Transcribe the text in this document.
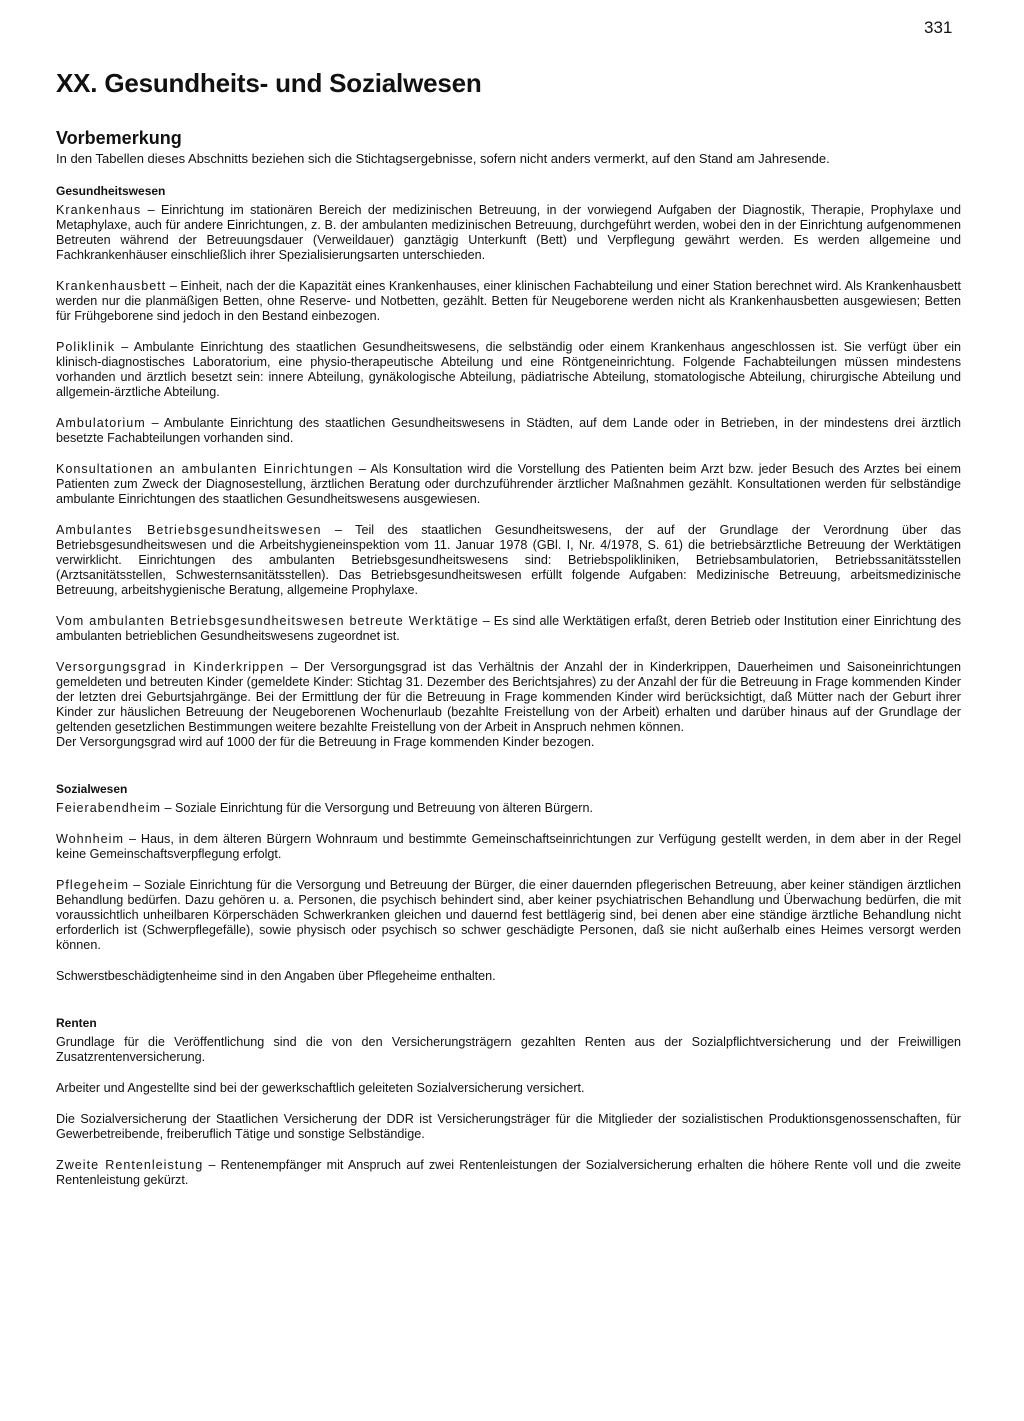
331
XX. Gesundheits- und Sozialwesen
Vorbemerkung

In den Tabellen dieses Abschnitts beziehen sich die Stichtagsergebnisse, sofern nicht anders vermerkt, auf den Stand am Jahresende.

Gesundheitswesen

Krankenhaus – Einrichtung im stationären Bereich der medizinischen Betreuung, in der vorwiegend Aufgaben der Diagnostik, Therapie, Prophylaxe und Metaphylaxe, auch für andere Einrichtungen, z. B. der ambulanten medizinischen Betreuung, durchgeführt werden, wobei den in der Einrichtung aufgenommenen Betreuten während der Betreuungsdauer (Verweildauer) ganztägig Unterkunft (Bett) und Verpflegung gewährt werden. Es werden allgemeine und Fachkrankenhäuser einschließlich ihrer Spezialisierungsarten unterschieden.

Krankenhausbett – Einheit, nach der die Kapazität eines Krankenhauses, einer klinischen Fachabteilung und einer Station berechnet wird. Als Krankenhausbett werden nur die planmäßigen Betten, ohne Reserve- und Notbetten, gezählt. Betten für Neugeborene werden nicht als Krankenhausbetten ausgewiesen; Betten für Frühgeborene sind jedoch in den Bestand einbezogen.

Poliklinik – Ambulante Einrichtung des staatlichen Gesundheitswesens, die selbständig oder einem Krankenhaus angeschlossen ist. Sie verfügt über ein klinisch-diagnostisches Laboratorium, eine physio-therapeutische Abteilung und eine Röntgeneinrichtung. Folgende Fachabteilungen müssen mindestens vorhanden und ärztlich besetzt sein: innere Abteilung, gynäkologische Abteilung, pädiatrische Abteilung, stomatologische Abteilung, chirurgische Abteilung und allgemein-ärztliche Abteilung.

Ambulatorium – Ambulante Einrichtung des staatlichen Gesundheitswesens in Städten, auf dem Lande oder in Betrieben, in der mindestens drei ärztlich besetzte Fachabteilungen vorhanden sind.

Konsultationen an ambulanten Einrichtungen – Als Konsultation wird die Vorstellung des Patienten beim Arzt bzw. jeder Besuch des Arztes bei einem Patienten zum Zweck der Diagnosestellung, ärztlichen Beratung oder durchzuführender ärztlicher Maßnahmen gezählt. Konsultationen werden für selbständige ambulante Einrichtungen des staatlichen Gesundheitswesens ausgewiesen.

Ambulantes Betriebsgesundheitswesen – Teil des staatlichen Gesundheitswesens, der auf der Grundlage der Verordnung über das Betriebsgesundheitswesen und die Arbeitshygieneinspektion vom 11. Januar 1978 (GBl. I, Nr. 4/1978, S. 61) die betriebsärztliche Betreuung der Werktätigen verwirklicht. Einrichtungen des ambulanten Betriebsgesundheitswesens sind: Betriebspolikliniken, Betriebsambulatorien, Betriebssanitätsstellen (Arztsanitätsstellen, Schwesternsanitätsstellen). Das Betriebsgesundheitswesen erfüllt folgende Aufgaben: Medizinische Betreuung, arbeitsmedizinische Betreuung, arbeitshygienische Beratung, allgemeine Prophylaxe.

Vom ambulanten Betriebsgesundheitswesen betreute Werktätige – Es sind alle Werktätigen erfaßt, deren Betrieb oder Institution einer Einrichtung des ambulanten betrieblichen Gesundheitswesens zugeordnet ist.

Versorgungsgrad in Kinderkrippen – Der Versorgungsgrad ist das Verhältnis der Anzahl der in Kinderkrippen, Dauerheimen und Saisoneinrichtungen gemeldeten und betreuten Kinder (gemeldete Kinder: Stichtag 31. Dezember des Berichtsjahres) zu der Anzahl der für die Betreuung in Frage kommenden Kinder der letzten drei Geburtsjahrgänge. Bei der Ermittlung der für die Betreuung in Frage kommenden Kinder wird berücksichtigt, daß Mütter nach der Geburt ihrer Kinder zur häuslichen Betreuung der Neugeborenen Wochenurlaub (bezahlte Freistellung von der Arbeit) erhalten und darüber hinaus auf der Grundlage der geltenden gesetzlichen Bestimmungen weitere bezahlte Freistellung von der Arbeit in Anspruch nehmen können.
Der Versorgungsgrad wird auf 1000 der für die Betreuung in Frage kommenden Kinder bezogen.

Sozialwesen

Feierabendheim – Soziale Einrichtung für die Versorgung und Betreuung von älteren Bürgern.

Wohnheim – Haus, in dem älteren Bürgern Wohnraum und bestimmte Gemeinschaftseinrichtungen zur Verfügung gestellt werden, in dem aber in der Regel keine Gemeinschaftsverpflegung erfolgt.

Pflegeheim – Soziale Einrichtung für die Versorgung und Betreuung der Bürger, die einer dauernden pflegerischen Betreuung, aber keiner ständigen ärztlichen Behandlung bedürfen. Dazu gehören u. a. Personen, die psychisch behindert sind, aber keiner psychiatrischen Behandlung und Überwachung bedürfen, die mit voraussichtlich unheilbaren Körperschäden Schwerkranken gleichen und dauernd fest bettlägerig sind, bei denen aber eine ständige ärztliche Behandlung nicht erforderlich ist (Schwerpflegefälle), sowie physisch oder psychisch so schwer geschädigte Personen, daß sie nicht außerhalb eines Heimes versorgt werden können.

Schwerstbeschädigtenheime sind in den Angaben über Pflegeheime enthalten.

Renten

Grundlage für die Veröffentlichung sind die von den Versicherungsträgern gezahlten Renten aus der Sozialpflichtversicherung und der Freiwilligen Zusatzrentenversicherung.

Arbeiter und Angestellte sind bei der gewerkschaftlich geleiteten Sozialversicherung versichert.

Die Sozialversicherung der Staatlichen Versicherung der DDR ist Versicherungsträger für die Mitglieder der sozialistischen Produktionsgenossenschaften, für Gewerbetreibende, freiberuflich Tätige und sonstige Selbständige.

Zweite Rentenleistung – Rentenempfänger mit Anspruch auf zwei Rentenleistungen der Sozialversicherung erhalten die höhere Rente voll und die zweite Rentenleistung gekürzt.
